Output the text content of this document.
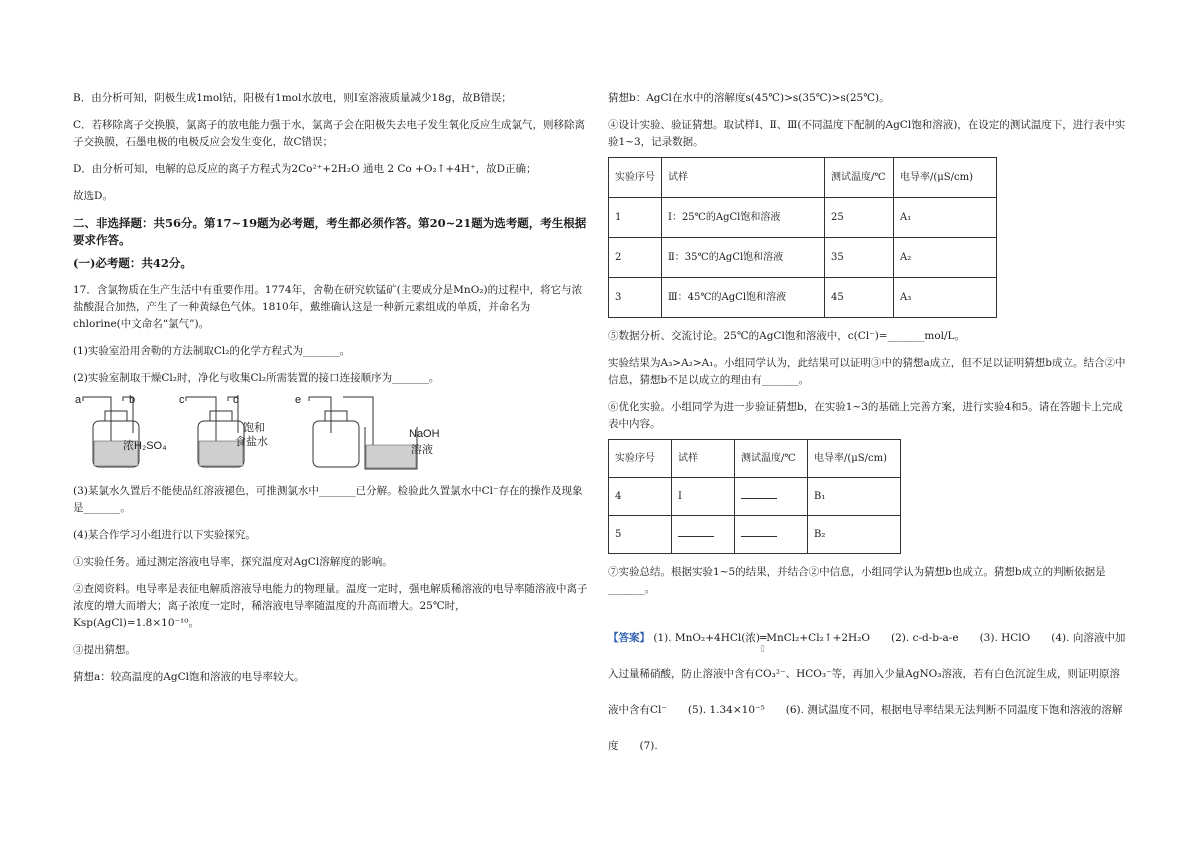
B．由分析可知，阴极生成1mol钴，阳极有1mol水放电，则Ⅰ室溶液质量减少18g，故B错误；

C．若移除离子交换膜，氯离子的放电能力强于水，氯离子会在阳极失去电子发生氧化反应生成氯气，则移除离子交换膜，石墨电极的电极反应会发生变化，故C错误；

D．由分析可知，电解的总反应的离子方程式为2Co²⁺+2H₂O 通电 2 Co +O₂↑+4H⁺，故D正确；

故选D。

二、非选择题：共56分。第17~19题为必考题，考生都必须作答。第20~21题为选考题，考生根据要求作答。

(一)必考题：共42分。

17．含氯物质在生产生活中有重要作用。1774年，舍勒在研究软锰矿(主要成分是MnO₂)的过程中，将它与浓盐酸混合加热，产生了一种黄绿色气体。1810年，戴维确认这是一种新元素组成的单质，并命名为chlorine(中文命名“氯气”)。

(1)实验室沿用舍勒的方法制取Cl₂的化学方程式为_______。

(2)实验室制取干燥Cl₂时，净化与收集Cl₂所需装置的接口连接顺序为_______。

a	b
浓H₂SO₄
c	d
饱和
食盐水
e
NaOH
溶液

(3)某氯水久置后不能使品红溶液褪色，可推测氯水中_______已分解。检验此久置氯水中Cl⁻存在的操作及现象是_______。

(4)某合作学习小组进行以下实验探究。

①实验任务。通过测定溶液电导率，探究温度对AgCl溶解度的影响。

②查阅资料。电导率是表征电解质溶液导电能力的物理量。温度一定时，强电解质稀溶液的电导率随溶液中离子浓度的增大而增大；离子浓度一定时，稀溶液电导率随温度的升高而增大。25℃时，Ksp(AgCl)=1.8×10⁻¹⁰。

③提出猜想。

猜想a：较高温度的AgCl饱和溶液的电导率较大。

猜想b：AgCl在水中的溶解度s(45℃)>s(35℃)>s(25℃)。

④设计实验、验证猜想。取试样Ⅰ、Ⅱ、Ⅲ(不同温度下配制的AgCl饱和溶液)，在设定的测试温度下，进行表中实验1~3，记录数据。

实验序号	试样	测试温度/℃	电导率/(μS/cm)
1	Ⅰ：25℃的AgCl饱和溶液	25	A₁
2	Ⅱ：35℃的AgCl饱和溶液	35	A₂
3	Ⅲ：45℃的AgCl饱和溶液	45	A₃

⑤数据分析、交流讨论。25℃的AgCl饱和溶液中，c(Cl⁻)=_______mol/L。

实验结果为A₃>A₂>A₁。小组同学认为，此结果可以证明③中的猜想a成立，但不足以证明猜想b成立。结合②中信息，猜想b不足以成立的理由有_______。

⑥优化实验。小组同学为进一步验证猜想b，在实验1~3的基础上完善方案，进行实验4和5。请在答题卡上完成表中内容。

实验序号	试样	测试温度/℃	电导率/(μS/cm)
4	Ⅰ		B₁
5			B₂

⑦实验总结。根据实验1~5的结果，并结合②中信息，小组同学认为猜想b也成立。猜想b成立的判断依据是_______。

【答案】 (1). MnO₂+4HCl(浓)═MnCl₂+Cl₂↑+2H₂O　　(2). c-d-b-a-e　　(3). HClO　　(4). 向溶液中加入过量稀硝酸，防止溶液中含有CO₃²⁻、HCO₃⁻等，再加入少量AgNO₃溶液，若有白色沉淀生成，则证明原溶液中含有Cl⁻　　(5). 1.34×10⁻⁵　　(6). 测试温度不同，根据电导率结果无法判断不同温度下饱和溶液的溶解度　　(7).

▯
